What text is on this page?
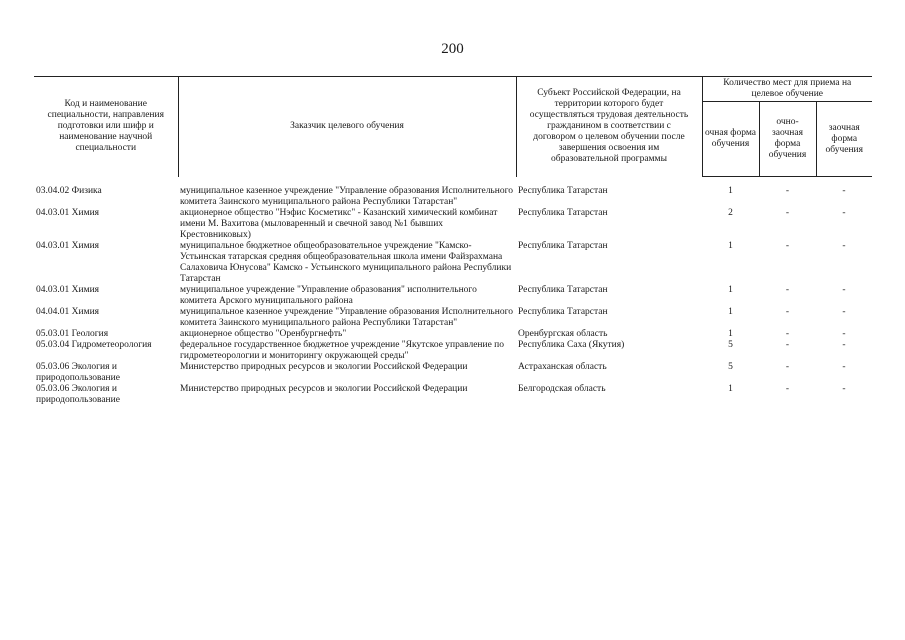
200
Код и наименование специальности, направления подготовки или шифр и наименование научной специальности	Заказчик целевого обучения	Субъект Российской Федерации, на территории которого будет осуществляться трудовая деятельность гражданином в соответствии с договором о целевом обучении после завершения освоения им образовательной программы	Количество мест для приема на целевое обучение		
			очная форма обучения	очно-заочная форма обучения	заочная форма обучения

03.04.02 Физика	муниципальное казенное учреждение "Управление образования Исполнительного комитета Заинского муниципального района Республики Татарстан"	Республика Татарстан	1	-	-
04.03.01 Химия	акционерное общество "Нэфис Косметикс" - Казанский химический комбинат имени М. Вахитова (мыловаренный и свечной завод №1 бывших Крестовниковых)	Республика Татарстан	2	-	-
04.03.01 Химия	муниципальное бюджетное общеобразовательное учреждение "Камско-Устьинская татарская средняя общеобразовательная школа имени Файзрахмана Салаховича Юнусова" Камско - Устьинского муниципального района Республики Татарстан	Республика Татарстан	1	-	-
04.03.01 Химия	муниципальное учреждение "Управление образования" исполнительного комитета Арского муниципального района	Республика Татарстан	1	-	-
04.04.01 Химия	муниципальное казенное учреждение "Управление образования Исполнительного комитета Заинского муниципального района Республики Татарстан"	Республика Татарстан	1	-	-
05.03.01 Геология	акционерное общество "Оренбургнефть"	Оренбургская область	1	-	-
05.03.04 Гидрометеорология	федеральное государственное бюджетное учреждение "Якутское управление по гидрометеорологии и мониторингу окружающей среды"	Республика Саха (Якутия)	5	-	-
05.03.06 Экология и природопользование	Министерство природных ресурсов и экологии Российской Федерации	Астраханская область	5	-	-
05.03.06 Экология и природопользование	Министерство природных ресурсов и экологии Российской Федерации	Белгородская область	1	-	-
